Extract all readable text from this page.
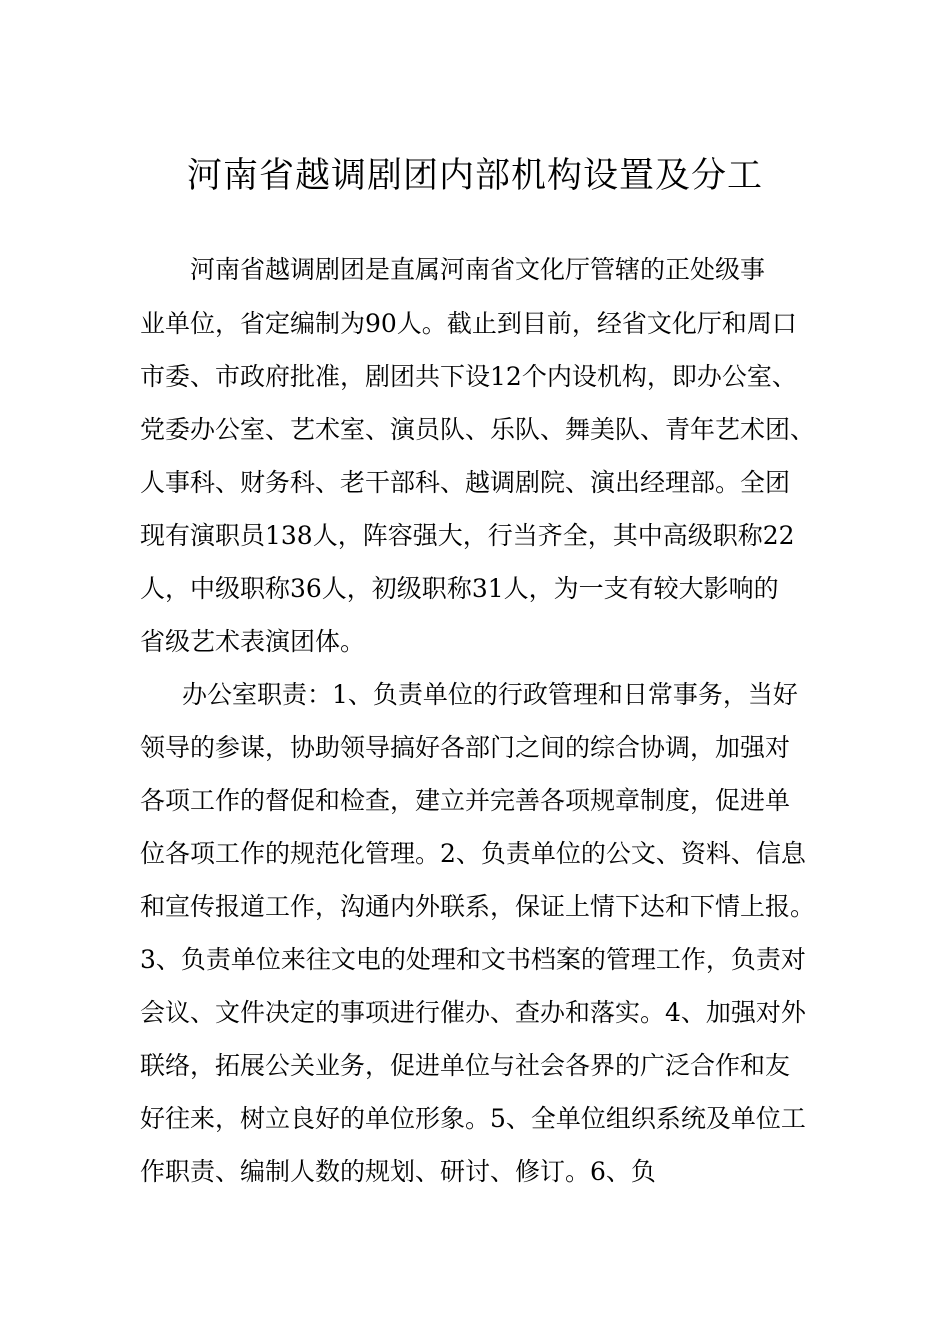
河南省越调剧团内部机构设置及分工
河南省越调剧团是直属河南省文化厅管辖的正处级事
业单位，省定编制为90人。截止到目前，经省文化厅和周口
市委、市政府批准，剧团共下设12个内设机构，即办公室、
党委办公室、艺术室、演员队、乐队、舞美队、青年艺术团、
人事科、财务科、老干部科、越调剧院、演出经理部。全团
现有演职员138人，阵容强大，行当齐全，其中高级职称22
人，中级职称36人，初级职称31人，为一支有较大影响的
省级艺术表演团体。
办公室职责：1、负责单位的行政管理和日常事务，当好
领导的参谋，协助领导搞好各部门之间的综合协调，加强对
各项工作的督促和检查，建立并完善各项规章制度，促进单
位各项工作的规范化管理。2、负责单位的公文、资料、信息
和宣传报道工作，沟通内外联系，保证上情下达和下情上报。
3、负责单位来往文电的处理和文书档案的管理工作，负责对
会议、文件决定的事项进行催办、查办和落实。4、加强对外
联络，拓展公关业务，促进单位与社会各界的广泛合作和友
好往来，树立良好的单位形象。5、全单位组织系统及单位工
作职责、编制人数的规划、研讨、修订。6、负
